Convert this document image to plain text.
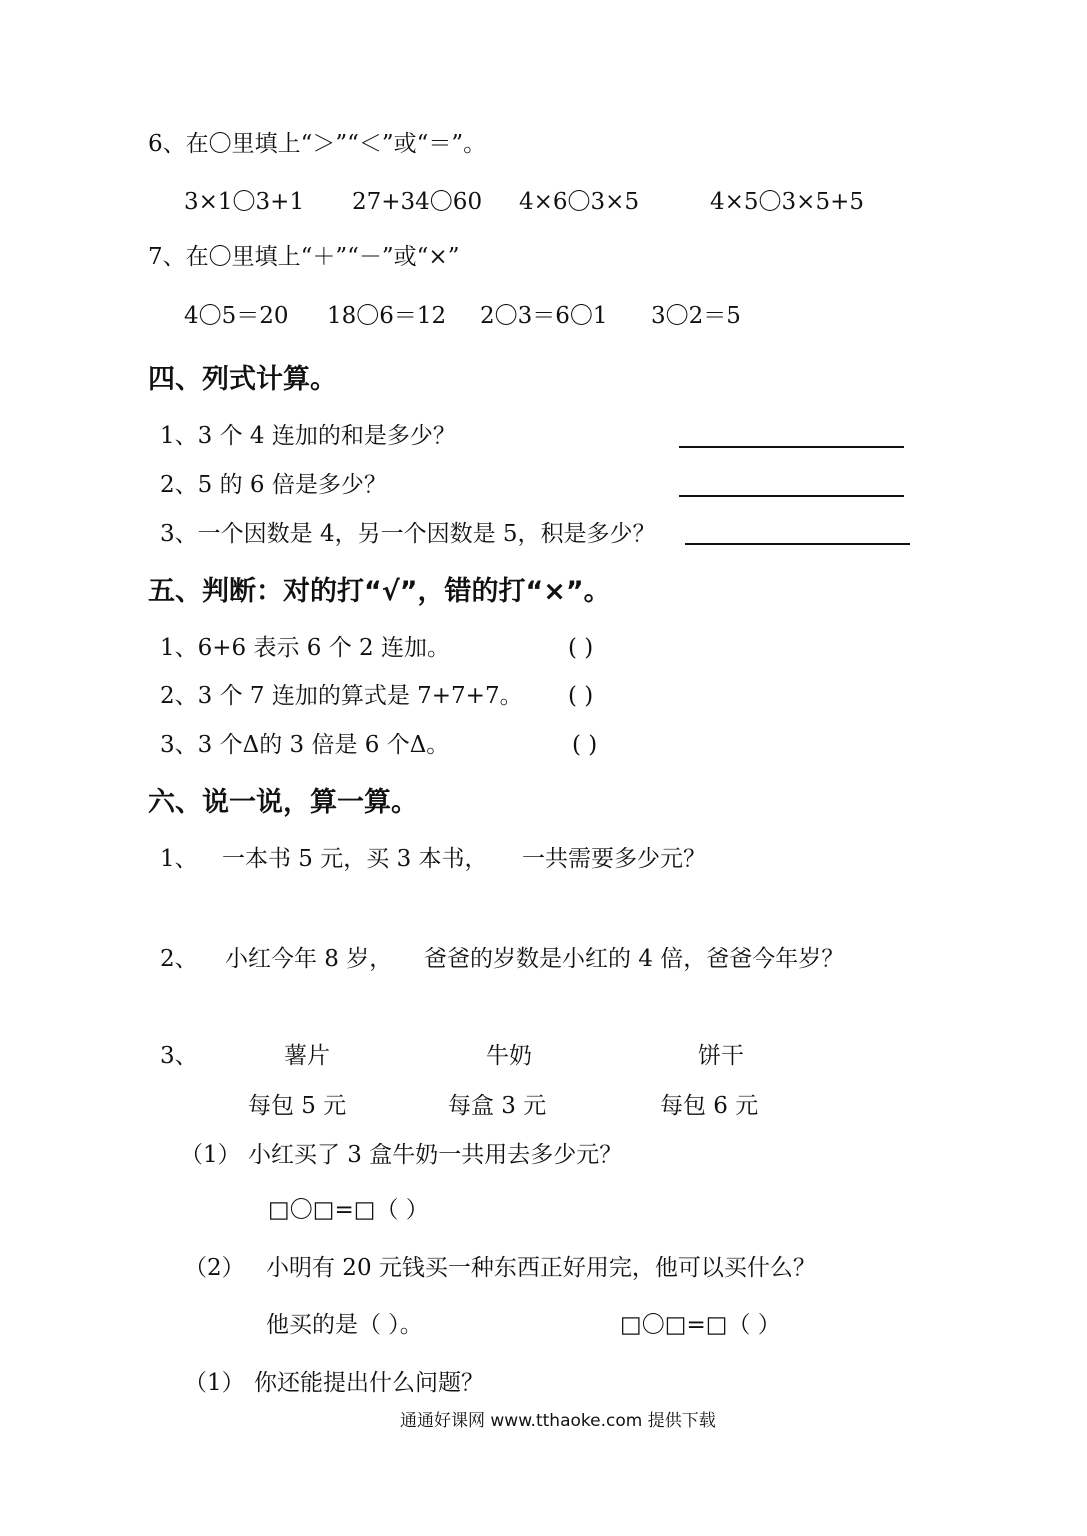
6、在〇里填上“＞”“＜”或“＝”。
3×1〇3+1 27+34〇60 4×6〇3×5	4×5〇3×5+5
7、在〇里填上“＋”“－”或“×”
4〇5＝20 18〇6＝12 2〇3＝6〇1 3〇2＝5
四、列式计算。
1、3 个 4 连加的和是多少？
2、5 的 6 倍是多少？
3、一个因数是 4，另一个因数是 5，积是多少？
五、判断：对的打“√”，错的打“×”。
1、6+6 表示 6 个 2 连加。	( )
2、3 个 7 连加的算式是 7+7+7。 ( )
3、3 个Δ的 3 倍是 6 个Δ。	( )
六、说一说，算一算。
1、 一本书 5 元，买 3 本书， 一共需要多少元？
2、 小红今年 8 岁， 爸爸的岁数是小红的 4 倍，爸爸今年岁？
3、	薯片	牛奶	饼干
每包 5 元	每盒 3 元	每包 6 元
（1） 小红买了 3 盒牛奶一共用去多少元？
□〇□=□（ ）
（2） 小明有 20 元钱买一种东西正好用完，他可以买什么？
他买的是（ ）。	□〇□=□（ ）
（1） 你还能提出什么问题？
通通好课网 www.tthaoke.com 提供下载
